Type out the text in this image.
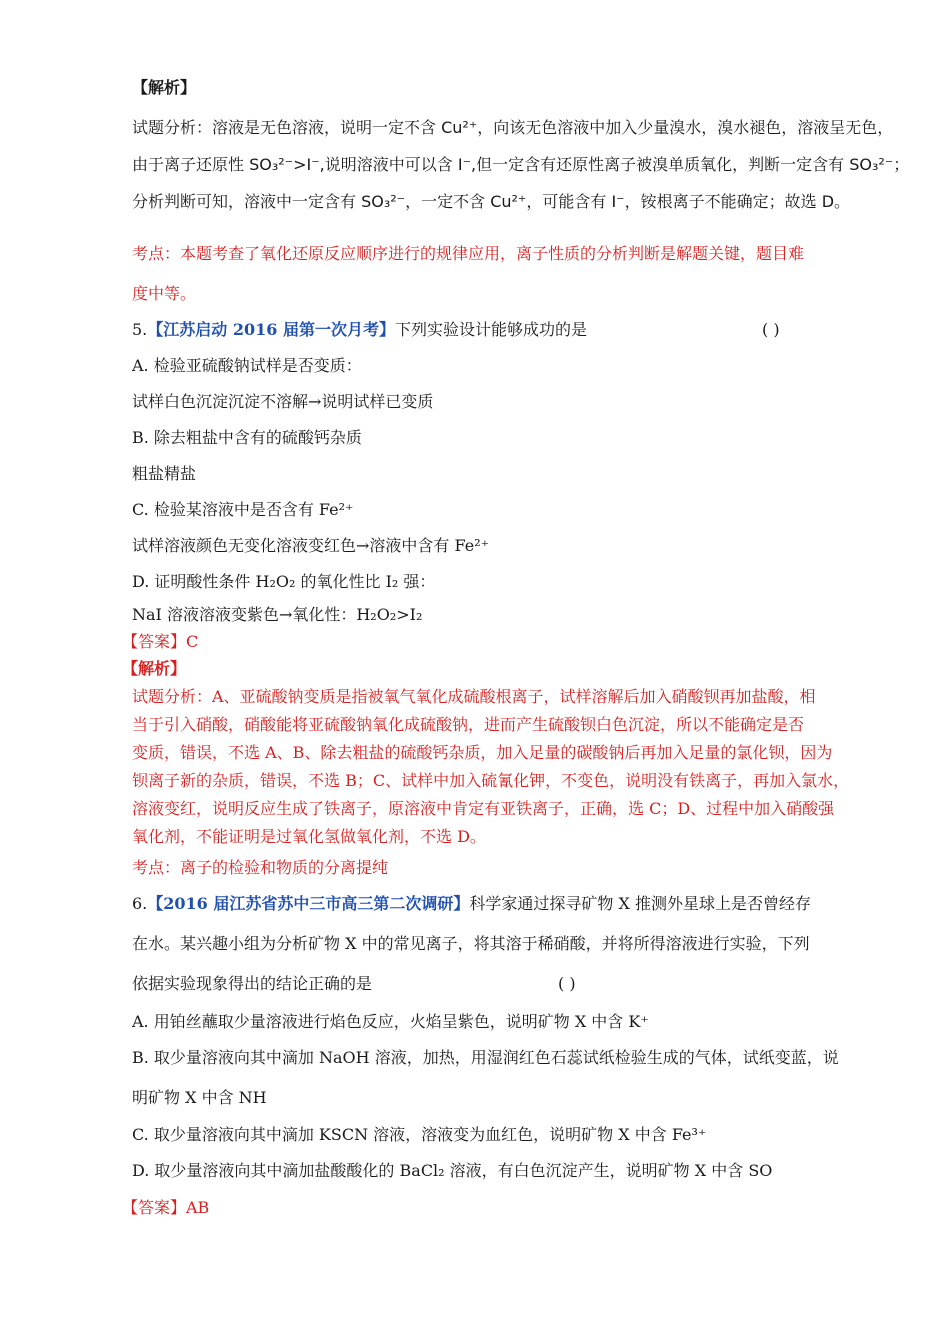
【解析】
试题分析：溶液是无色溶液，说明一定不含 Cu²⁺，向该无色溶液中加入少量溴水，溴水褪色，溶液呈无色，
由于离子还原性 SO₃²⁻>I⁻,说明溶液中可以含 I⁻,但一定含有还原性离子被溴单质氧化，判断一定含有 SO₃²⁻；
分析判断可知，溶液中一定含有 SO₃²⁻，一定不含 Cu²⁺，可能含有 I⁻，铵根离子不能确定；故选 D。
考点：本题考查了氧化还原反应顺序进行的规律应用，离子性质的分析判断是解题关键，题目难
度中等。
5.【江苏启动 2016 届第一次月考】下列实验设计能够成功的是	( )
A. 检验亚硫酸钠试样是否变质：
试样白色沉淀沉淀不溶解→说明试样已变质
B. 除去粗盐中含有的硫酸钙杂质
粗盐精盐
C. 检验某溶液中是否含有 Fe²⁺
试样溶液颜色无变化溶液变红色→溶液中含有 Fe²⁺
D. 证明酸性条件 H₂O₂ 的氧化性比 I₂ 强：
NaI 溶液溶液变紫色→氧化性：H₂O₂>I₂
【答案】C
【解析】
试题分析：A、亚硫酸钠变质是指被氧气氧化成硫酸根离子，试样溶解后加入硝酸钡再加盐酸，相
当于引入硝酸，硝酸能将亚硫酸钠氧化成硫酸钠，进而产生硫酸钡白色沉淀，所以不能确定是否
变质，错误，不选 A、B、除去粗盐的硫酸钙杂质，加入足量的碳酸钠后再加入足量的氯化钡，因为
钡离子新的杂质，错误，不选 B；C、试样中加入硫氰化钾，不变色，说明没有铁离子，再加入氯水，
溶液变红，说明反应生成了铁离子，原溶液中肯定有亚铁离子，正确，选 C；D、过程中加入硝酸强
氧化剂，不能证明是过氧化氢做氧化剂，不选 D。
考点：离子的检验和物质的分离提纯
6.【2016 届江苏省苏中三市高三第二次调研】科学家通过探寻矿物 X 推测外星球上是否曾经存
在水。某兴趣小组为分析矿物 X 中的常见离子，将其溶于稀硝酸，并将所得溶液进行实验，下列
依据实验现象得出的结论正确的是	( )
A. 用铂丝蘸取少量溶液进行焰色反应，火焰呈紫色，说明矿物 X 中含 K⁺
B. 取少量溶液向其中滴加 NaOH 溶液，加热，用湿润红色石蕊试纸检验生成的气体，试纸变蓝，说
明矿物 X 中含 NH
C. 取少量溶液向其中滴加 KSCN 溶液，溶液变为血红色，说明矿物 X 中含 Fe³⁺
D. 取少量溶液向其中滴加盐酸酸化的 BaCl₂ 溶液，有白色沉淀产生，说明矿物 X 中含 SO
【答案】AB
